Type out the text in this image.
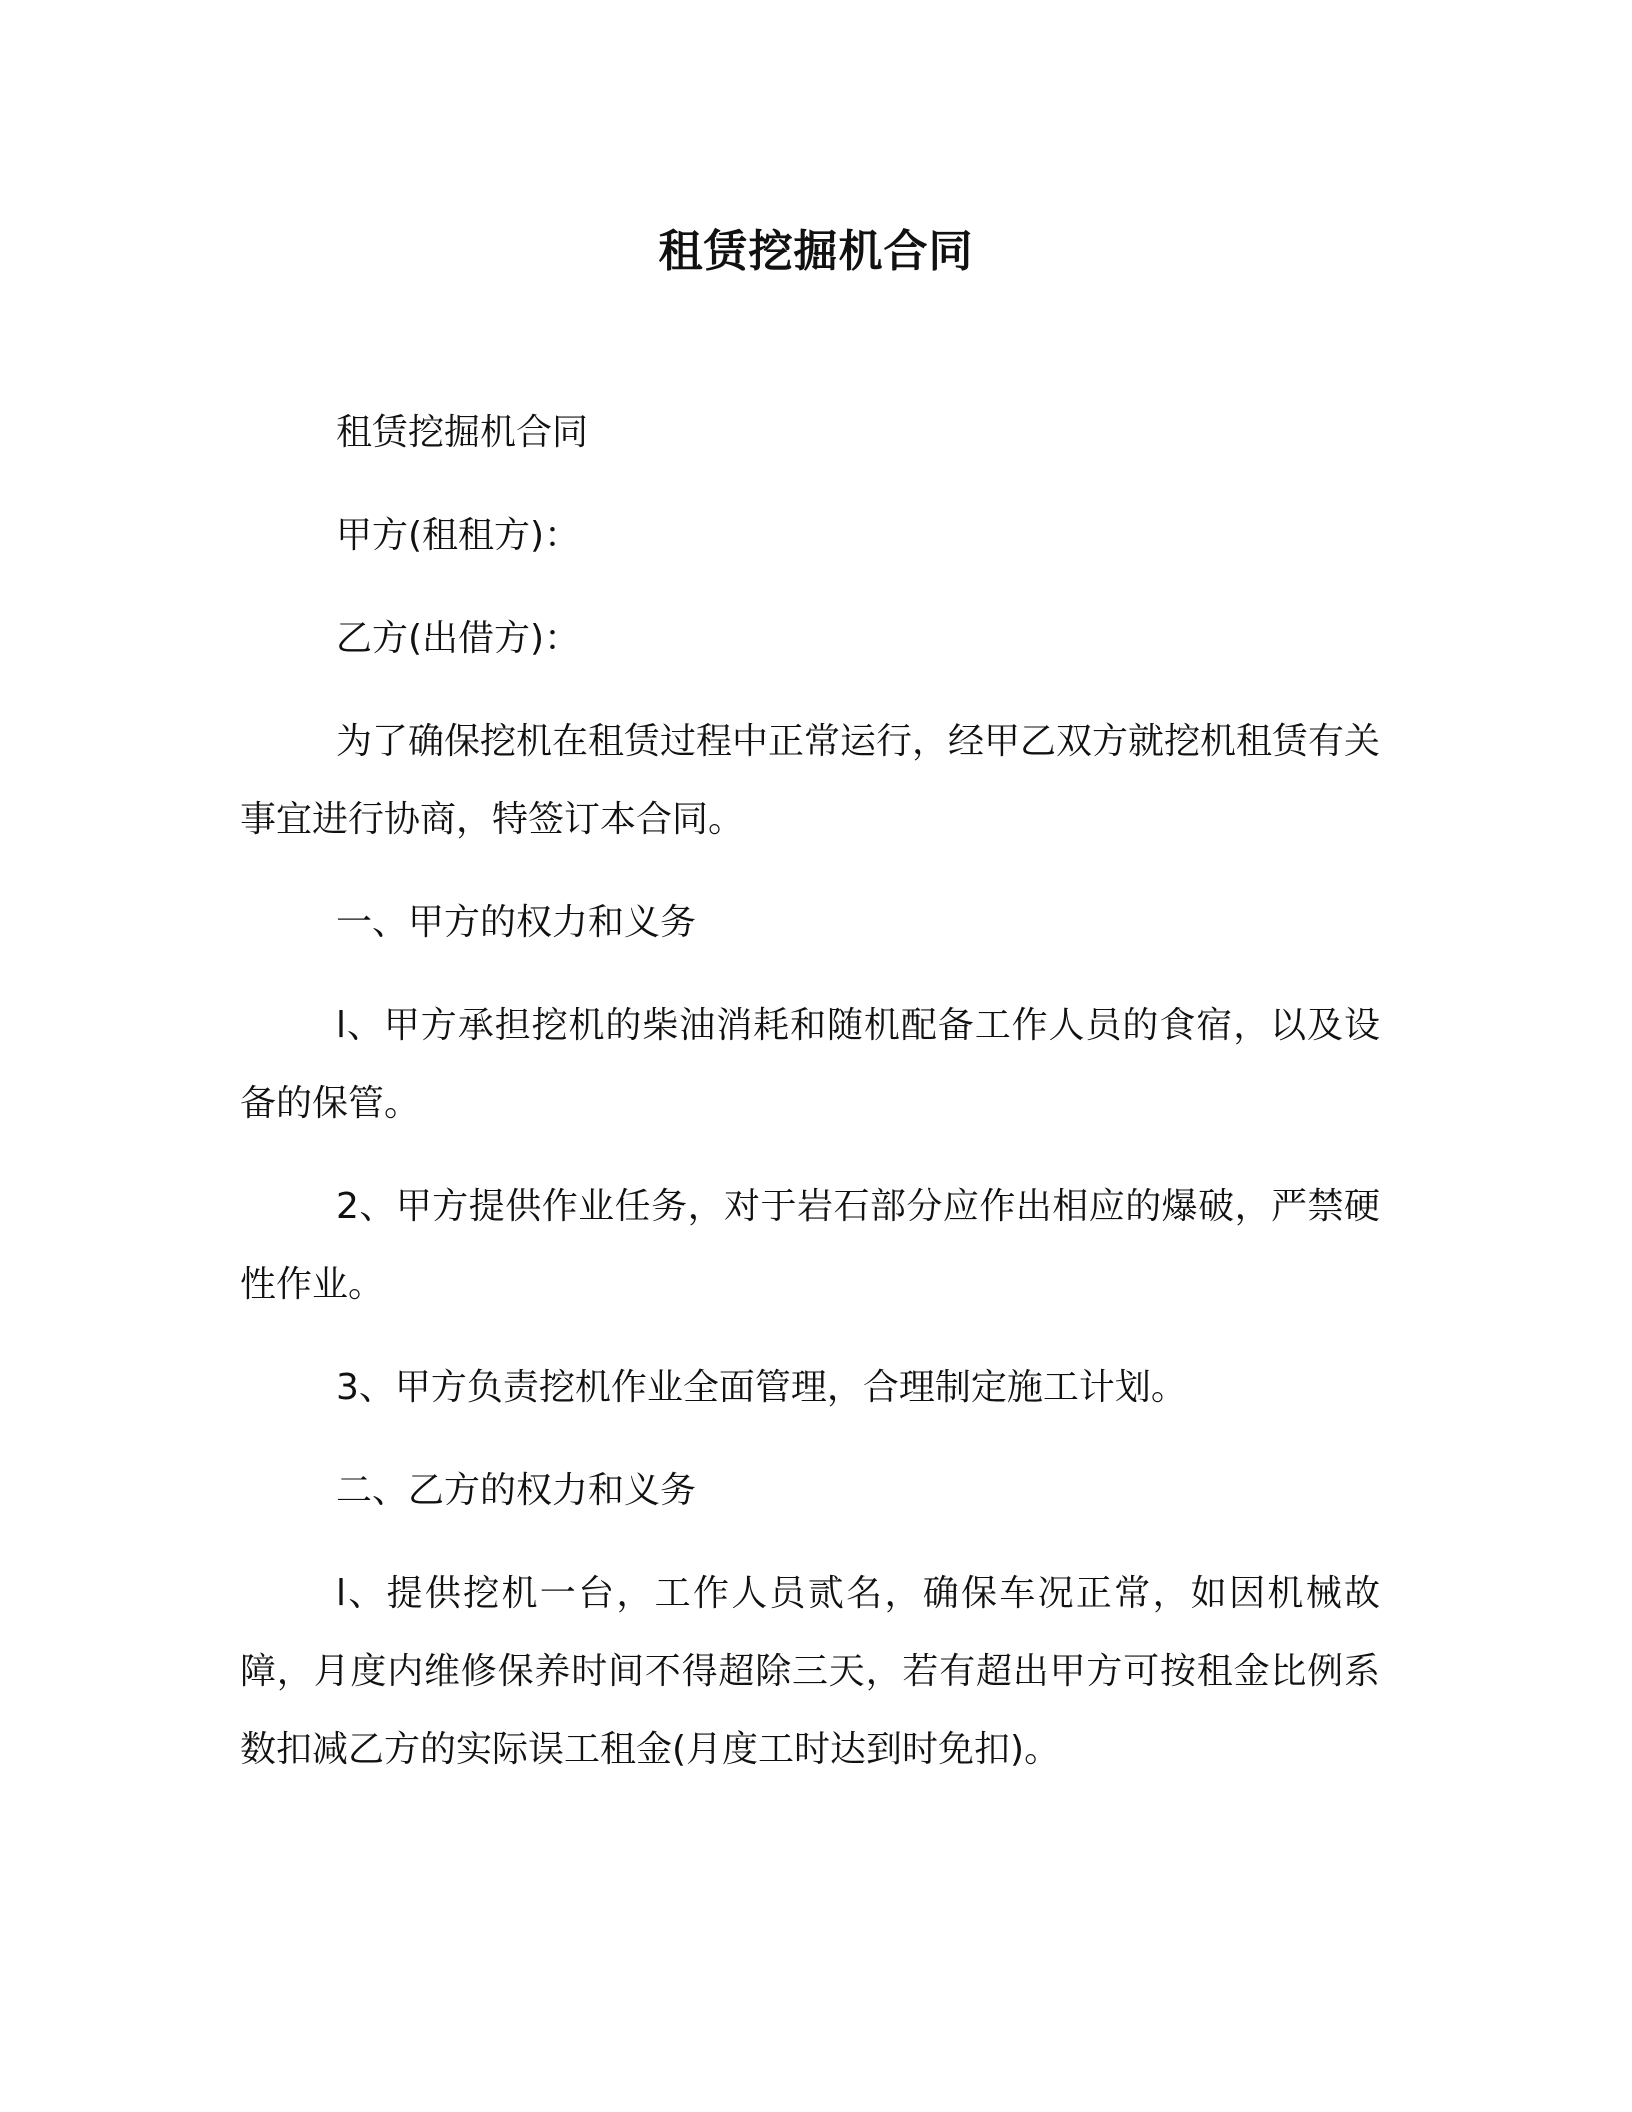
租赁挖掘机合同

租赁挖掘机合同

甲方(租租方)：

乙方(出借方)：

为了确保挖机在租赁过程中正常运行，经甲乙双方就挖机租赁有关事宜进行协商，特签订本合同。

一、甲方的权力和义务

l、甲方承担挖机的柴油消耗和随机配备工作人员的食宿，以及设备的保管。

2、甲方提供作业任务，对于岩石部分应作出相应的爆破，严禁硬性作业。

3、甲方负责挖机作业全面管理，合理制定施工计划。

二、乙方的权力和义务

l、提供挖机一台，工作人员贰名，确保车况正常，如因机械故障，月度内维修保养时间不得超除三天，若有超出甲方可按租金比例系数扣减乙方的实际误工租金(月度工时达到时免扣)。
